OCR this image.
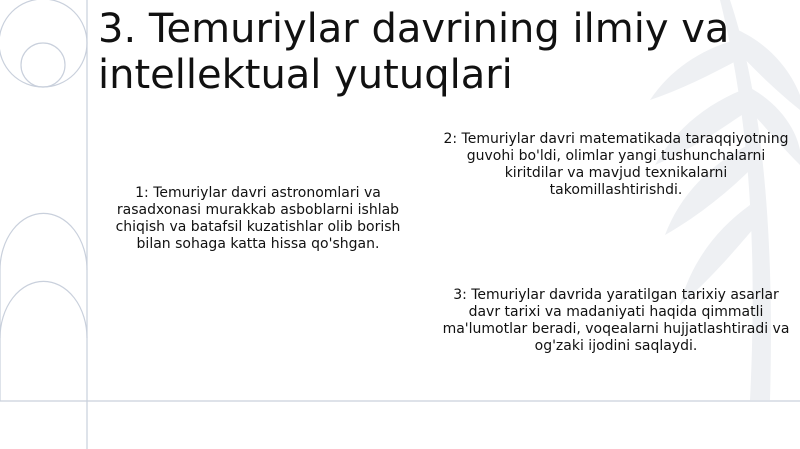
3. Temuriylar davrining ilmiy va intellektual yutuqlari

1: Temuriylar davri astronomlari va rasadxonasi murakkab asboblarni ishlab chiqish va batafsil kuzatishlar olib borish bilan sohaga katta hissa qo'shgan.

2: Temuriylar davri matematikada taraqqiyotning guvohi bo'ldi, olimlar yangi tushunchalarni kiritdilar va mavjud texnikalarni takomillashtirishdi.

3: Temuriylar davrida yaratilgan tarixiy asarlar davr tarixi va madaniyati haqida qimmatli ma'lumotlar beradi, voqealarni hujjatlashtiradi va og'zaki ijodini saqlaydi.
